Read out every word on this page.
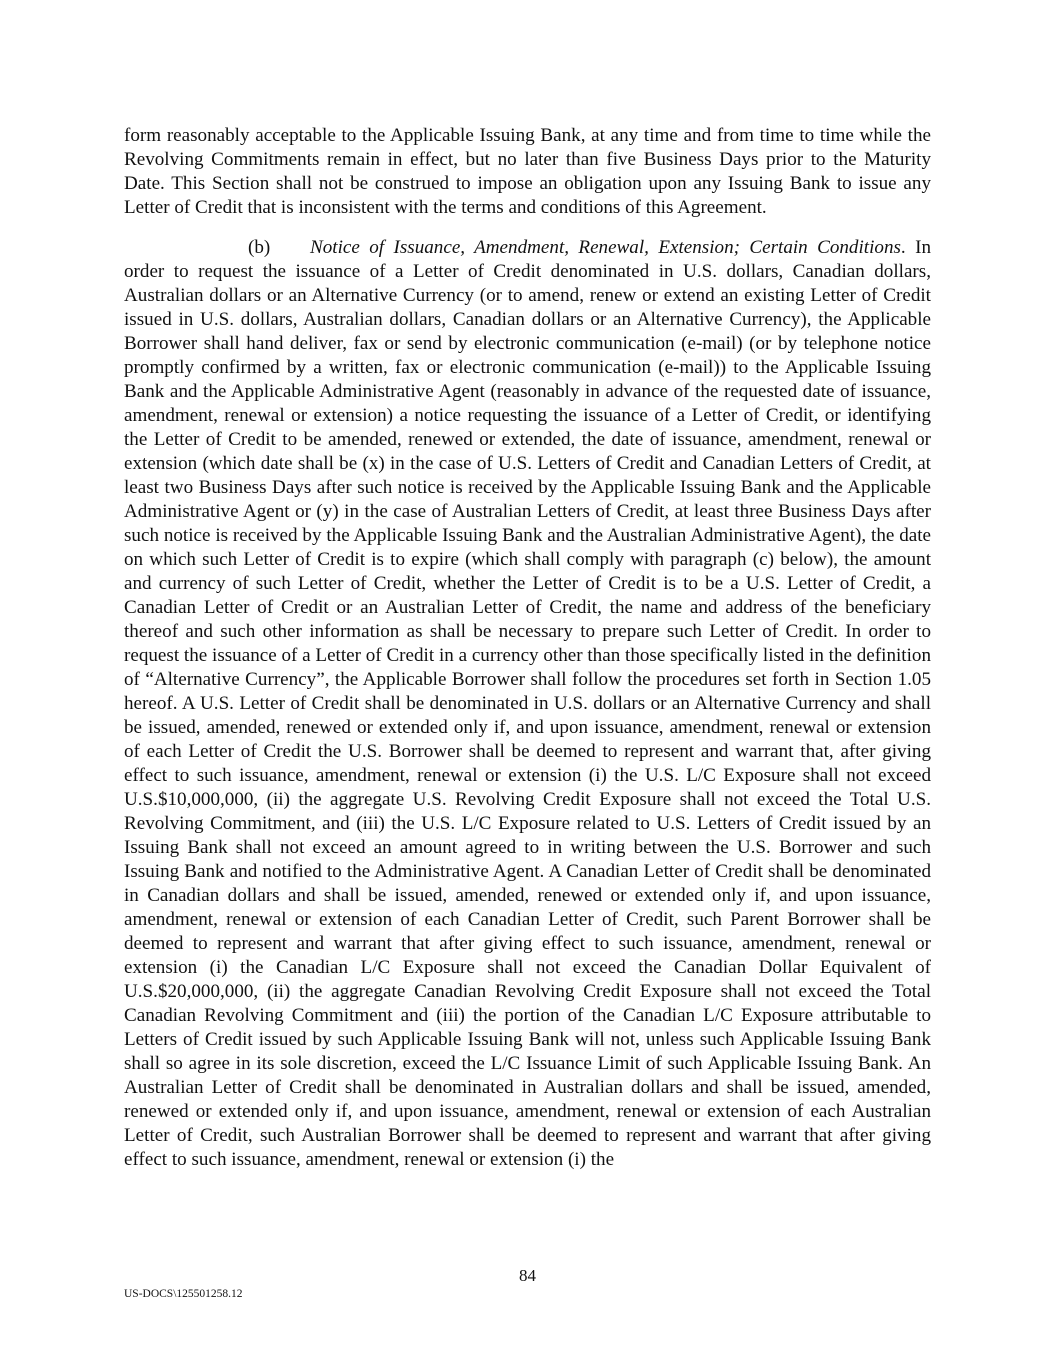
form reasonably acceptable to the Applicable Issuing Bank, at any time and from time to time while the Revolving Commitments remain in effect, but no later than five Business Days prior to the Maturity Date. This Section shall not be construed to impose an obligation upon any Issuing Bank to issue any Letter of Credit that is inconsistent with the terms and conditions of this Agreement.

(b) Notice of Issuance, Amendment, Renewal, Extension; Certain Conditions. In order to request the issuance of a Letter of Credit denominated in U.S. dollars, Canadian dollars, Australian dollars or an Alternative Currency (or to amend, renew or extend an existing Letter of Credit issued in U.S. dollars, Australian dollars, Canadian dollars or an Alternative Currency), the Applicable Borrower shall hand deliver, fax or send by electronic communication (e-mail) (or by telephone notice promptly confirmed by a written, fax or electronic communication (e-mail)) to the Applicable Issuing Bank and the Applicable Administrative Agent (reasonably in advance of the requested date of issuance, amendment, renewal or extension) a notice requesting the issuance of a Letter of Credit, or identifying the Letter of Credit to be amended, renewed or extended, the date of issuance, amendment, renewal or extension (which date shall be (x) in the case of U.S. Letters of Credit and Canadian Letters of Credit, at least two Business Days after such notice is received by the Applicable Issuing Bank and the Applicable Administrative Agent or (y) in the case of Australian Letters of Credit, at least three Business Days after such notice is received by the Applicable Issuing Bank and the Australian Administrative Agent), the date on which such Letter of Credit is to expire (which shall comply with paragraph (c) below), the amount and currency of such Letter of Credit, whether the Letter of Credit is to be a U.S. Letter of Credit, a Canadian Letter of Credit or an Australian Letter of Credit, the name and address of the beneficiary thereof and such other information as shall be necessary to prepare such Letter of Credit. In order to request the issuance of a Letter of Credit in a currency other than those specifically listed in the definition of “Alternative Currency”, the Applicable Borrower shall follow the procedures set forth in Section 1.05 hereof. A U.S. Letter of Credit shall be denominated in U.S. dollars or an Alternative Currency and shall be issued, amended, renewed or extended only if, and upon issuance, amendment, renewal or extension of each Letter of Credit the U.S. Borrower shall be deemed to represent and warrant that, after giving effect to such issuance, amendment, renewal or extension (i) the U.S. L/C Exposure shall not exceed U.S.$10,000,000, (ii) the aggregate U.S. Revolving Credit Exposure shall not exceed the Total U.S. Revolving Commitment, and (iii) the U.S. L/C Exposure related to U.S. Letters of Credit issued by an Issuing Bank shall not exceed an amount agreed to in writing between the U.S. Borrower and such Issuing Bank and notified to the Administrative Agent. A Canadian Letter of Credit shall be denominated in Canadian dollars and shall be issued, amended, renewed or extended only if, and upon issuance, amendment, renewal or extension of each Canadian Letter of Credit, such Parent Borrower shall be deemed to represent and warrant that after giving effect to such issuance, amendment, renewal or extension (i) the Canadian L/C Exposure shall not exceed the Canadian Dollar Equivalent of U.S.$20,000,000, (ii) the aggregate Canadian Revolving Credit Exposure shall not exceed the Total Canadian Revolving Commitment and (iii) the portion of the Canadian L/C Exposure attributable to Letters of Credit issued by such Applicable Issuing Bank will not, unless such Applicable Issuing Bank shall so agree in its sole discretion, exceed the L/C Issuance Limit of such Applicable Issuing Bank. An Australian Letter of Credit shall be denominated in Australian dollars and shall be issued, amended, renewed or extended only if, and upon issuance, amendment, renewal or extension of each Australian Letter of Credit, such Australian Borrower shall be deemed to represent and warrant that after giving effect to such issuance, amendment, renewal or extension (i) the

84
US-DOCS\125501258.12
